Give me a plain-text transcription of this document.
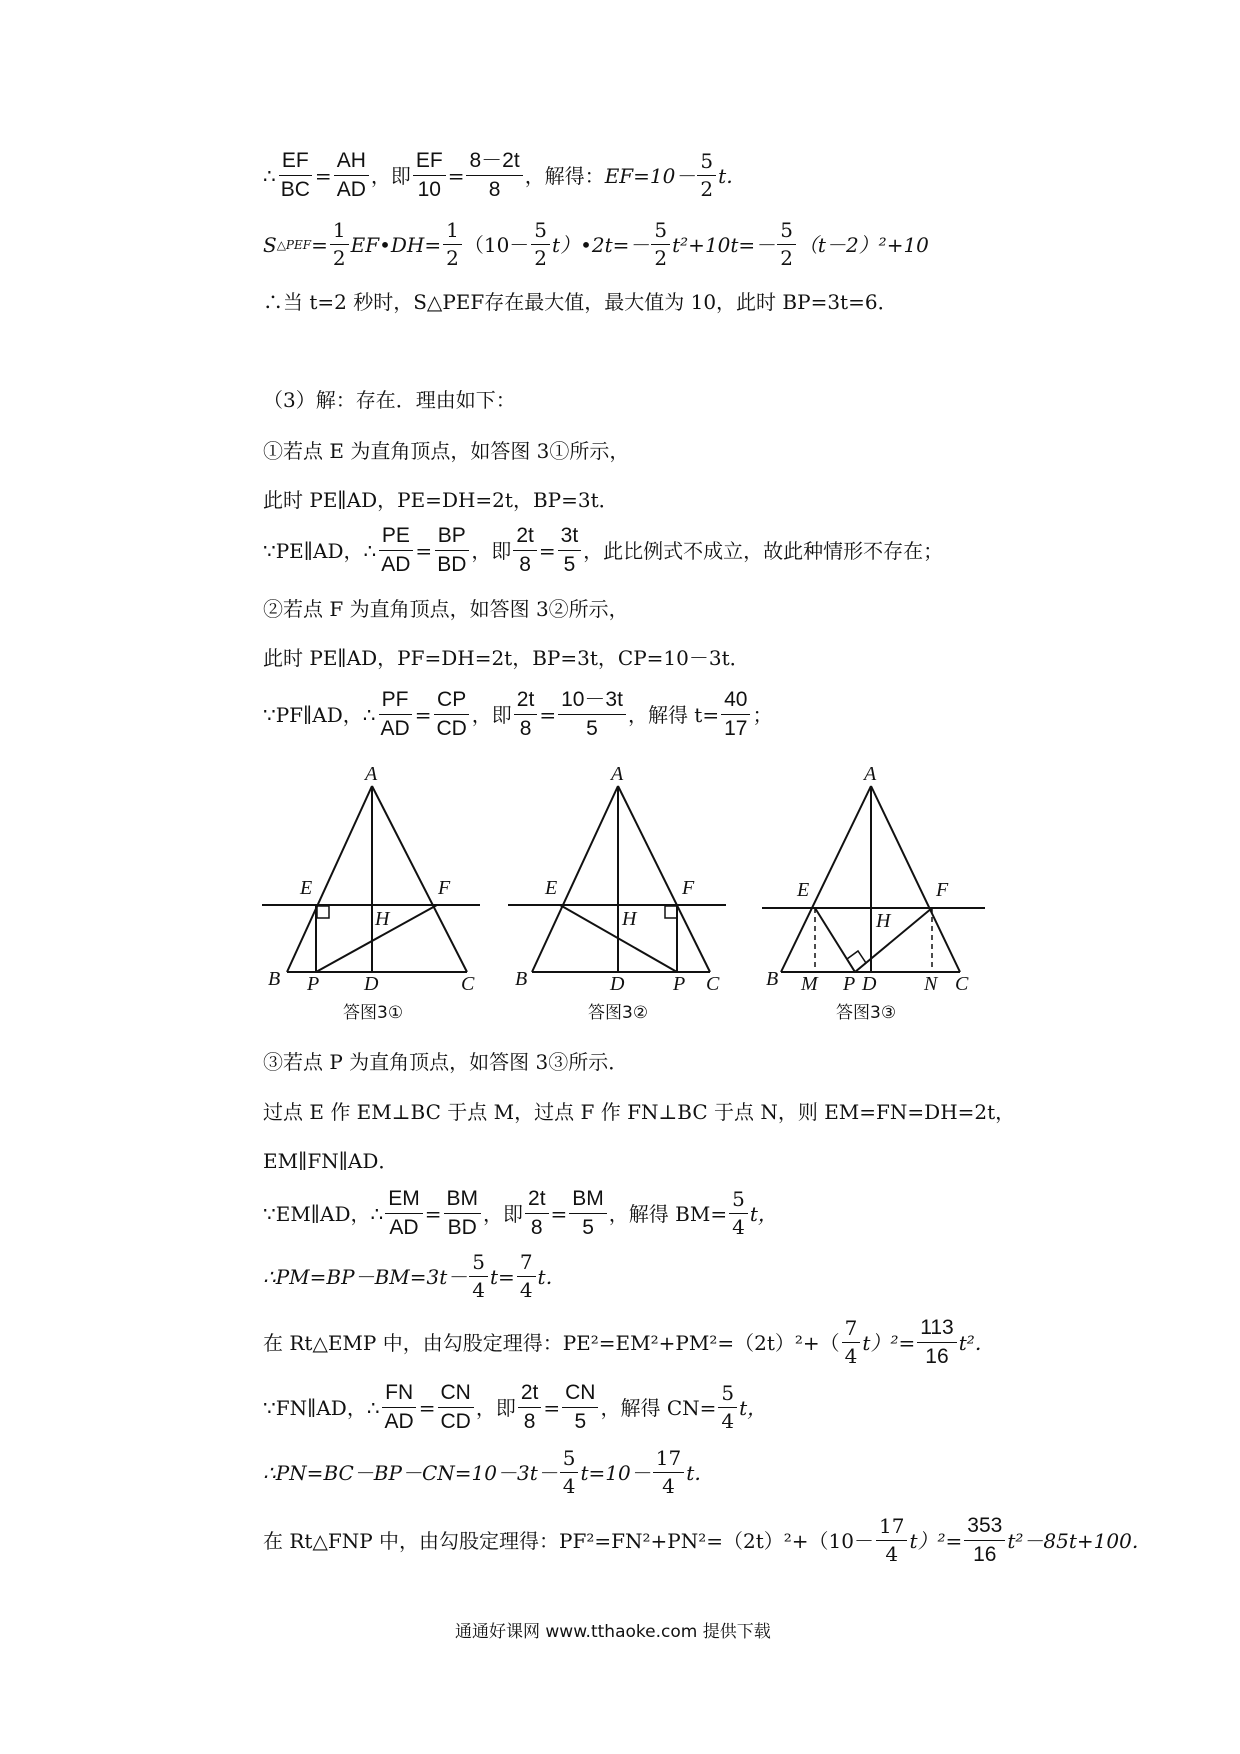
∴ $\frac{EF}{BC} = \frac{AH}{AD}$ ，即 $\frac{EF}{10} = \frac{8-2t}{8}$ ，解得： $EF=10- \frac{5}{2}$ t．
S △PEF = $\frac{1}{2}$ EF•DH= $\frac{1}{2} (10- \frac{5}{2}$ t）•2t=－ $\frac{5}{2} t^2+10t=- \frac{5}{2} (t-2)^2+10$
∴当 t=2 秒时，S△PEF存在最大值，最大值为 10，此时 BP=3t=6．
（3）解：存在．理由如下：
①若点 E 为直角顶点，如答图 3①所示，
此时 PE∥AD，PE=DH=2t，BP=3t．
∵PE∥AD，∴ $\frac{PE}{AD} = \frac{BP}{BD}$ ，即 $\frac{2t}{8} = \frac{3t}{5}$ ，此比例式不成立，故此种情形不存在；
②若点 F 为直角顶点，如答图 3②所示，
此时 PE∥AD，PF=DH=2t，BP=3t，CP=10－3t．
∵PF∥AD，∴ $\frac{PF}{AD} = \frac{CP}{CD}$ ，即 $\frac{2t}{8} = \frac{10-3t}{5}$ ，解得 $t= \frac{40}{17}$ ；
A
E	F
H
B P D	C
答图3①
A
E	F
H
B	D P C
答图3②
A
E	F
H
B M P D N C
答图3③
③若点 P 为直角顶点，如答图 3③所示．
过点 E 作 EM⊥BC 于点 M，过点 F 作 FN⊥BC 于点 N，则 EM=FN=DH=2t，
EM∥FN∥AD．
∵EM∥AD，∴ $\frac{EM}{AD} = \frac{BM}{BD}$ ，即 $\frac{2t}{8} = \frac{BM}{5}$ ，解得 $BM= \frac{5}{4}$ t，
∴PM=BP－BM=3t－ $\frac{5}{4} t= \frac{7}{4}$ t．
在 Rt△EMP 中，由勾股定理得：$PE^2=EM^2+PM^2=(2t)^2+( \frac{7}{4} t)^2= \frac{113}{16} t^2$．
∵FN∥AD，∴ $\frac{FN}{AD} = \frac{CN}{CD}$ ，即 $\frac{2t}{8} = \frac{CN}{5}$ ，解得 $CN= \frac{5}{4}$ t，
∴PN=BC－BP－CN=10－3t－ $\frac{5}{4} t=10- \frac{17}{4}$ t．
在 Rt△FNP 中，由勾股定理得：$PF^2=FN^2+PN^2=(2t)^2+(10- \frac{17}{4} t)^2= \frac{353}{16} t^2-85t+100$．
通通好课网 www.tthaoke.com 提供下载
